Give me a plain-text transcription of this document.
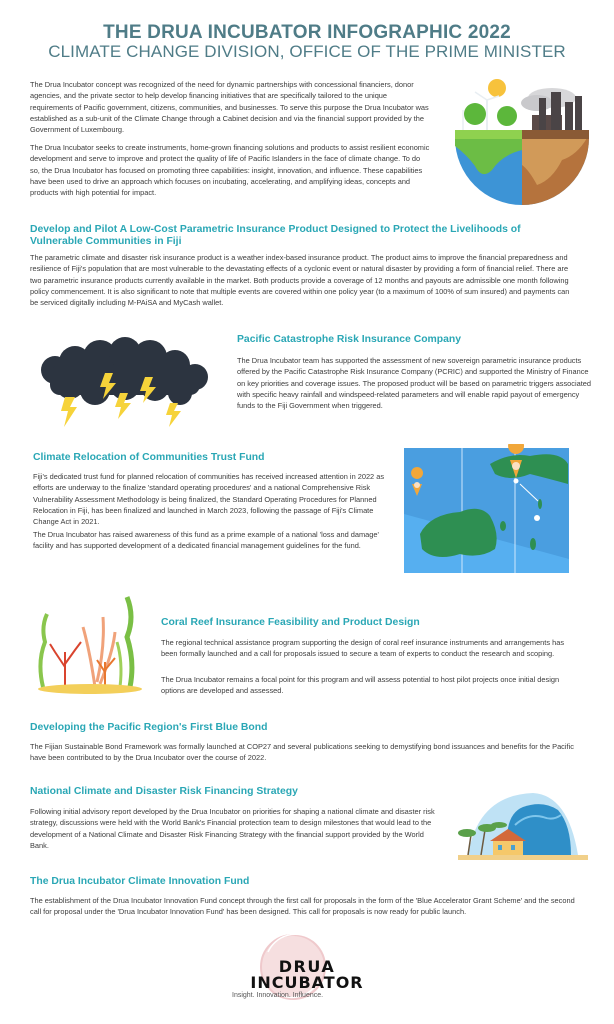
THE DRUA INCUBATOR INFOGRAPHIC 2022
CLIMATE CHANGE DIVISION, OFFICE OF THE PRIME MINISTER

The Drua Incubator concept was recognized of the need for dynamic partnerships with concessional financiers, donor agencies, and the private sector to help develop financing initiatives that are specifically tailored to the unique requirements of Pacific government, citizens, communities, and businesses. To serve this purpose the Drua Incubator was established as a sub-unit of the Climate Change through a Cabinet decision and via the financial support provided by the Government of Luxembourg.

The Drua Incubator seeks to create instruments, home-grown financing solutions and products to assist resilient economic development and serve to improve and protect the quality of life of Pacific Islanders in the face of climate change. To do so, the Drua Incubator has focused on promoting three capabilities: insight, innovation, and influence. These capabilities have been used to drive an approach which focuses on incubating, accelerating, and amplifying ideas, concepts and products with high potential for impact.

Develop and Pilot A Low-Cost Parametric Insurance Product Designed to Protect the Livelihoods of Vulnerable Communities in Fiji

The parametric climate and disaster risk insurance product is a weather index-based insurance product. The product aims to improve the financial preparedness and resilience of Fiji's population that are most vulnerable to the devastating effects of a cyclonic event or natural disaster by providing a form of financial relief. There are two parametric insurance products currently available in the market. Both products provide a coverage of 12 months and payouts are admissible one month following policy commencement. It is also significant to note that multiple events are covered within one policy year (to a maximum of 100% of sum insured) and payments can be serviced digitally including M-PAiSA and MyCash wallet.

Pacific Catastrophe Risk Insurance Company

The Drua Incubator team has supported the assessment of new sovereign parametric insurance products offered by the Pacific Catastrophe Risk Insurance Company (PCRIC) and supported the Ministry of Finance on key priorities and coverage issues. The proposed product will be based on parametric triggers associated with specific heavy rainfall and windspeed-related parameters and will enable rapid payout of emergency funds to the Fiji Government when triggered.

Climate Relocation of Communities Trust Fund

Fiji's dedicated trust fund for planned relocation of communities has received increased attention in 2022 as efforts are underway to the finalize 'standard operating procedures' and a national Comprehensive Risk Vulnerability Assessment Methodology is being finalized, the Standard Operating Procedures for Planned Relocation in Fiji, has been finalized and launched in March 2023, following the passage of Fiji's Climate Change Act in 2021.

The Drua Incubator has raised awareness of this fund as a prime example of a national 'loss and damage' facility and has supported development of a dedicated financial management guidelines for the fund.

Coral Reef Insurance Feasibility and Product Design

The regional technical assistance program supporting the design of coral reef insurance instruments and arrangements has been formally launched and a call for proposals issued to secure a team of experts to conduct the research and scoping.

The Drua Incubator remains a focal point for this program and will assess potential to host pilot projects once initial design options are developed and assessed.

Developing the Pacific Region's First Blue Bond

The Fijian Sustainable Bond Framework was formally launched at COP27 and several publications seeking to demystifying bond issuances and benefits for the Pacific have been contributed to by the Drua Incubator over the course of 2022.

National Climate and Disaster Risk Financing Strategy

Following initial advisory report developed by the Drua Incubator on priorities for shaping a national climate and disaster risk strategy, discussions were held with the World Bank's Financial protection team to design milestones that would lead to the development of a National Climate and Disaster Risk Financing Strategy with the financial support provided by the World Bank.

The Drua Incubator Climate Innovation Fund

The establishment of the Drua Incubator Innovation Fund concept through the first call for proposals in the form of the 'Blue Accelerator Grant Scheme' and the second call for proposal under the 'Drua Incubator Innovation Fund' has been designed. This call for proposals is now ready for public launch.

DRUA
INCUBATOR
Insight. Innovation. Influence.
